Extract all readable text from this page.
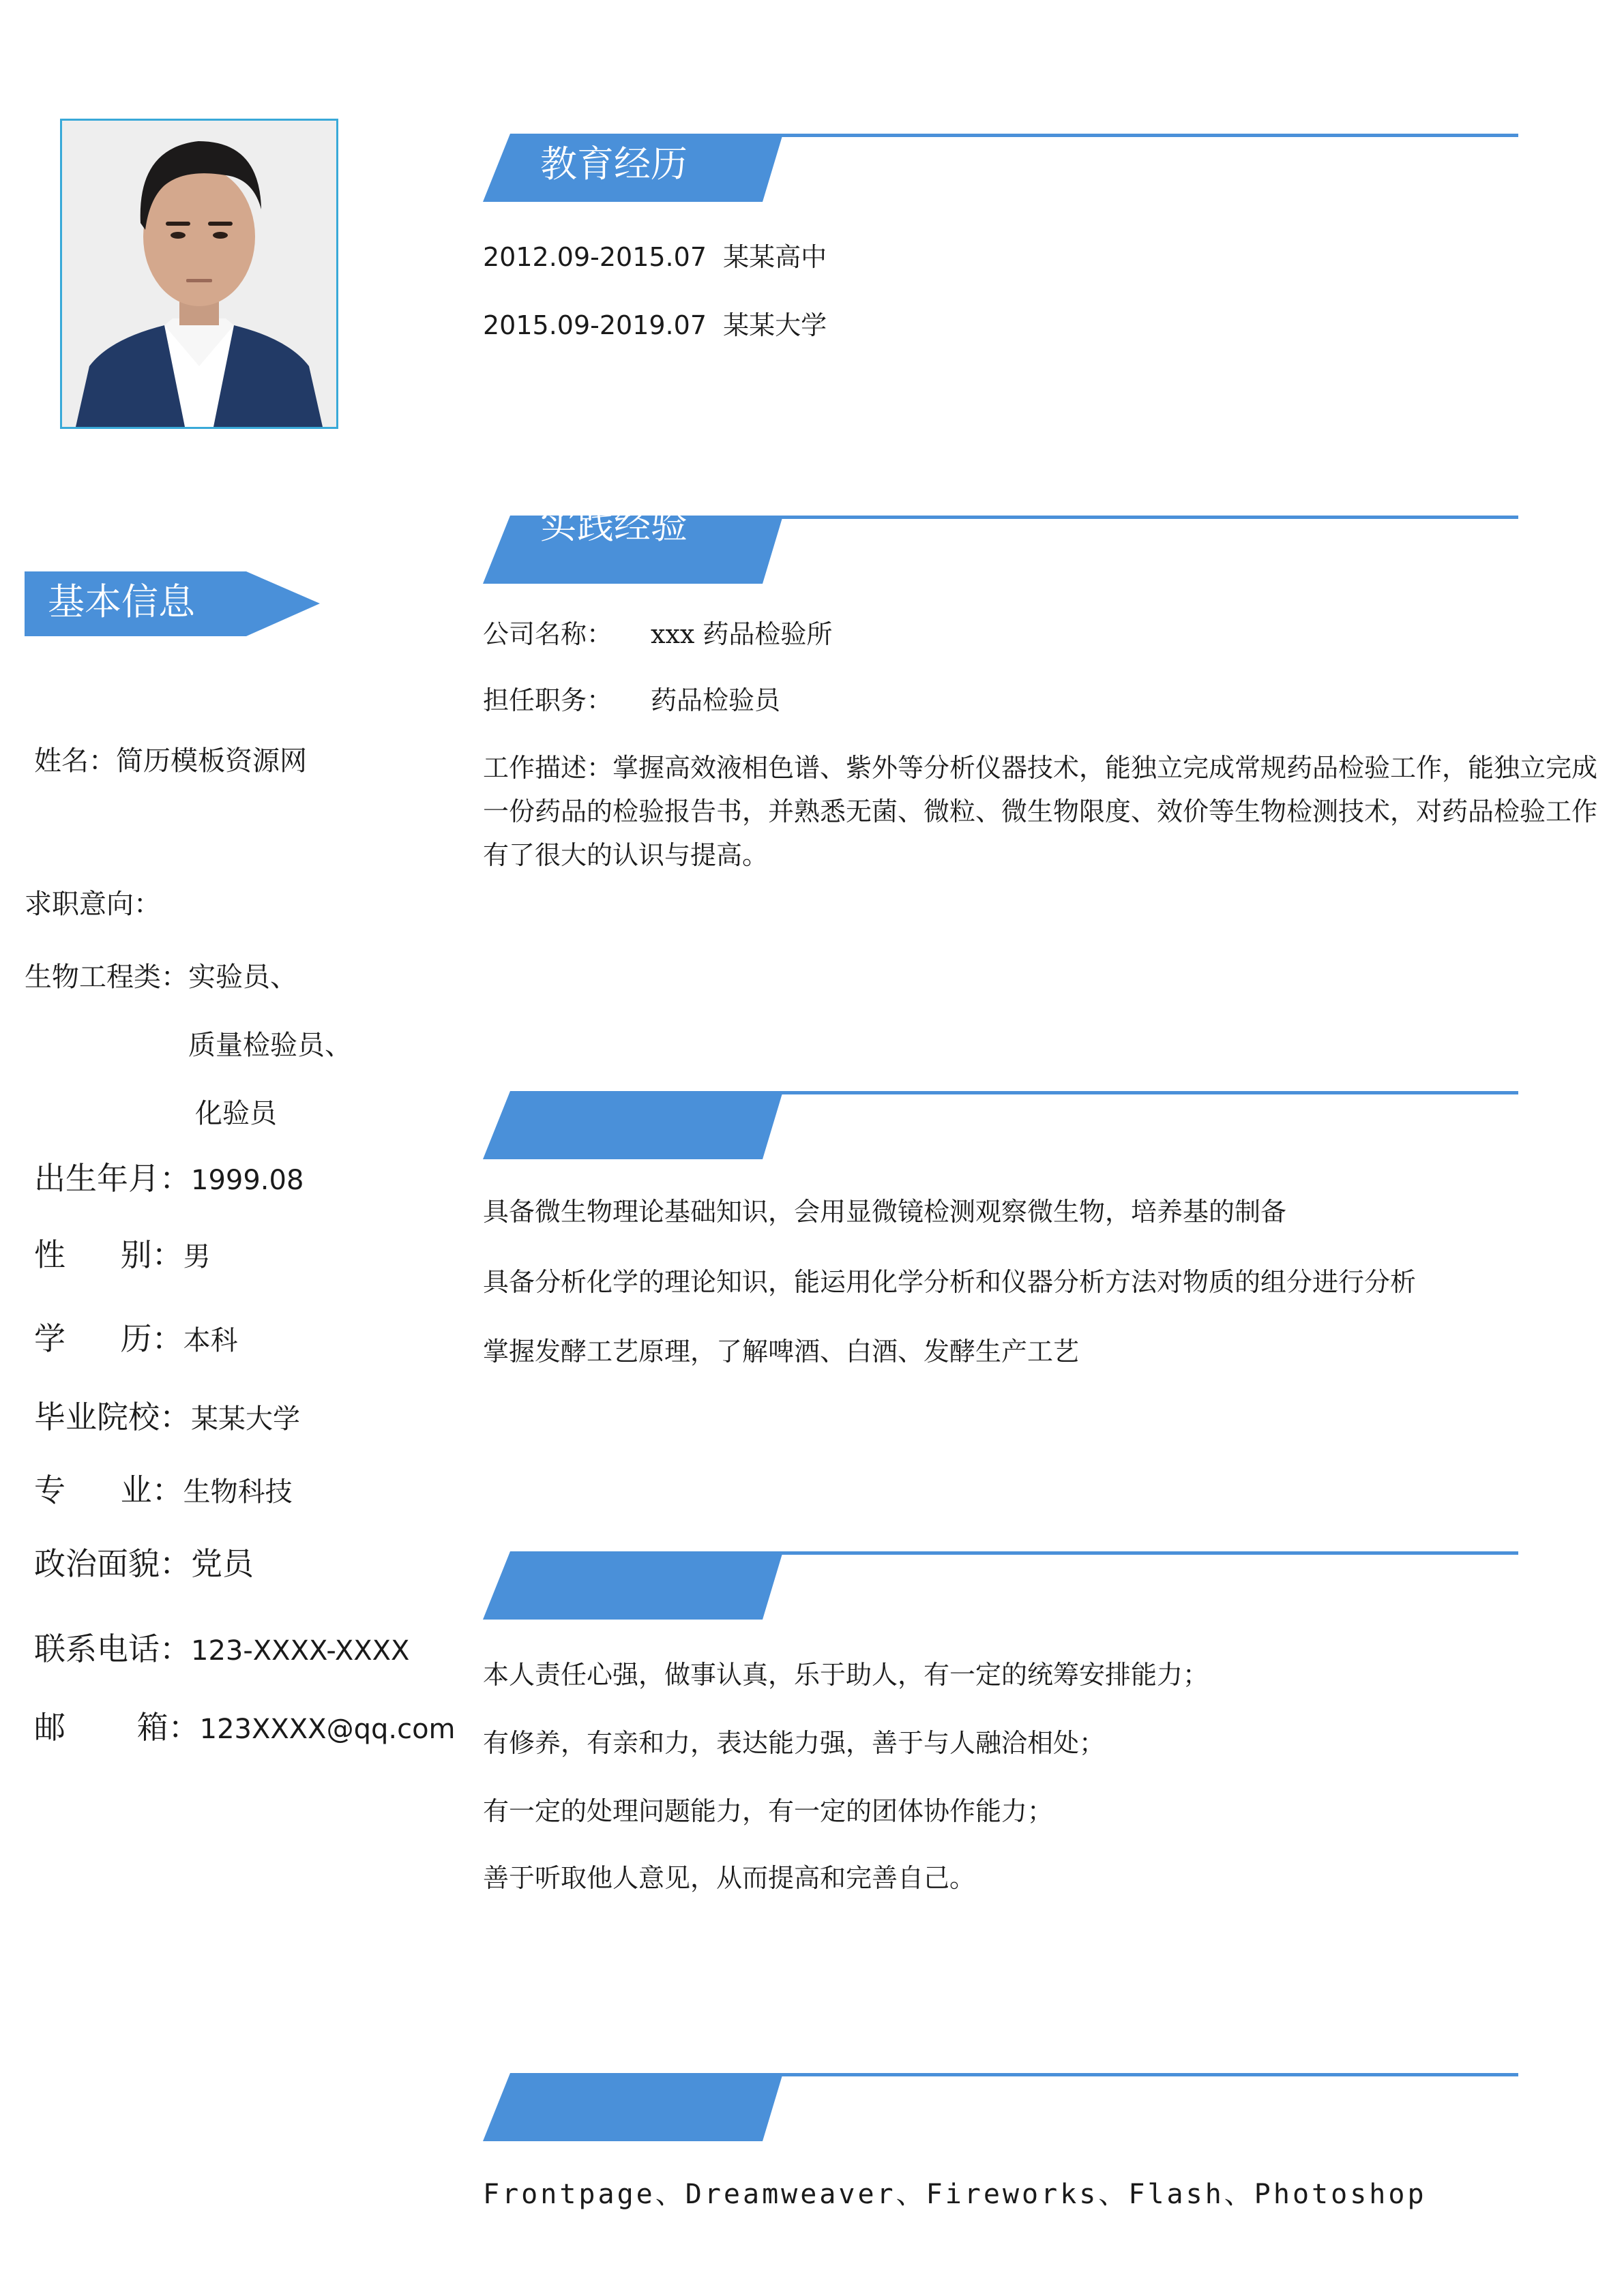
基本信息
姓名：简历模板资源网
求职意向：
生物工程类：实验员、
质量检验员、
化验员
出生年月：1999.08
性 别：男
学 历：本科
毕业院校：某某大学
专 业：生物科技
政治面貌：党员
联系电话：123-XXXX-XXXX
邮 箱：123XXXX@qq.com
教育经历
2012.09-2015.07 某某高中
2015.09-2019.07 某某大学
实践经验
公司名称： xxx 药品检验所
担任职务： 药品检验员
工作描述：掌握高效液相色谱、紫外等分析仪器技术，能独立完成常规药品检验工作，能独立完成一份药品的检验报告书，并熟悉无菌、微粒、微生物限度、效价等生物检测技术，对药品检验工作有了很大的认识与提高。
具备微生物理论基础知识，会用显微镜检测观察微生物，培养基的制备
具备分析化学的理论知识，能运用化学分析和仪器分析方法对物质的组分进行分析
掌握发酵工艺原理，了解啤酒、白酒、发酵生产工艺
本人责任心强，做事认真，乐于助人，有一定的统筹安排能力；
有修养，有亲和力，表达能力强，善于与人融洽相处；
有一定的处理问题能力，有一定的团体协作能力；
善于听取他人意见，从而提高和完善自己。
Frontpage、Dreamweaver、Fireworks、Flash、Photoshop
